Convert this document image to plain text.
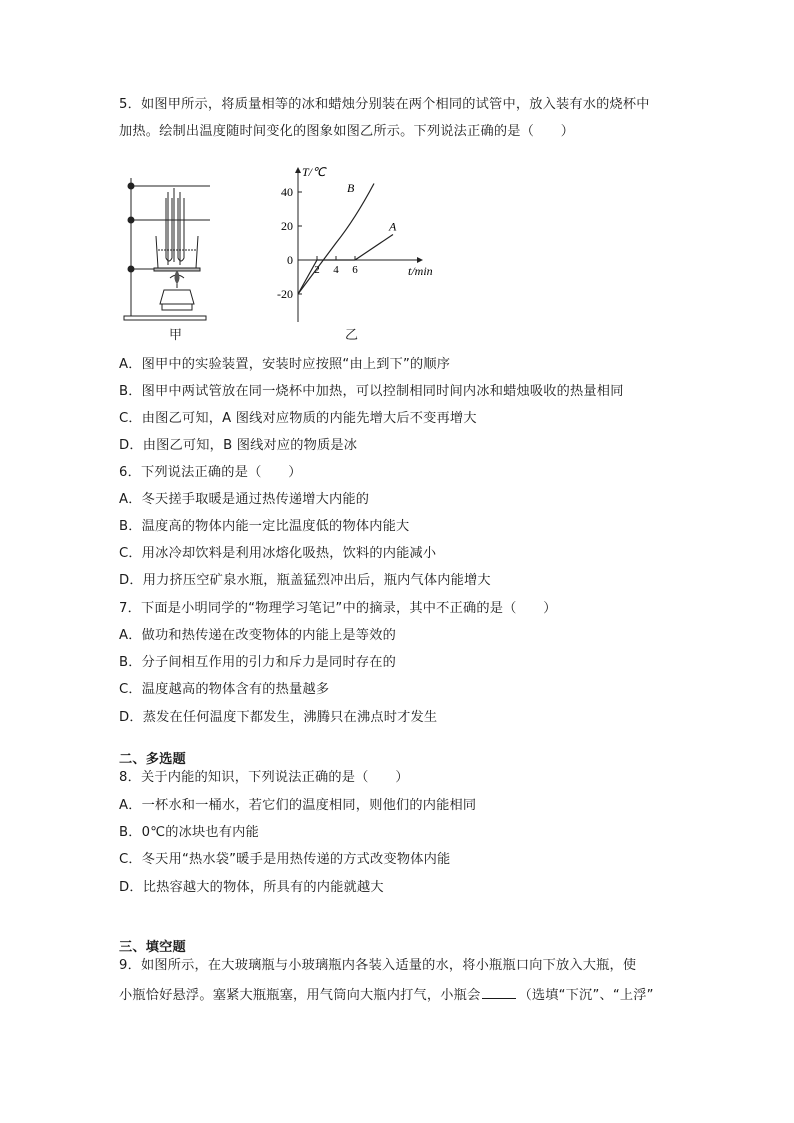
5．如图甲所示，将质量相等的冰和蜡烛分别装在两个相同的试管中，放入装有水的烧杯中
加热。绘制出温度随时间变化的图象如图乙所示。下列说法正确的是（　　）
甲
T/℃
t/min
40
20
0
-20
2 4 6
A
B
乙
A．图甲中的实验装置，安装时应按照“由上到下”的顺序
B．图甲中两试管放在同一烧杯中加热，可以控制相同时间内冰和蜡烛吸收的热量相同
C．由图乙可知，A 图线对应物质的内能先增大后不变再增大
D．由图乙可知，B 图线对应的物质是冰
6．下列说法正确的是（　　）
A．冬天搓手取暖是通过热传递增大内能的
B．温度高的物体内能一定比温度低的物体内能大
C．用冰冷却饮料是利用冰熔化吸热，饮料的内能减小
D．用力挤压空矿泉水瓶，瓶盖猛烈冲出后，瓶内气体内能增大
7．下面是小明同学的“物理学习笔记”中的摘录，其中不正确的是（　　）
A．做功和热传递在改变物体的内能上是等效的
B．分子间相互作用的引力和斥力是同时存在的
C．温度越高的物体含有的热量越多
D．蒸发在任何温度下都发生，沸腾只在沸点时才发生
二、多选题
8．关于内能的知识，下列说法正确的是（　　）
A．一杯水和一桶水，若它们的温度相同，则他们的内能相同
B．0℃的冰块也有内能
C．冬天用“热水袋”暖手是用热传递的方式改变物体内能
D．比热容越大的物体，所具有的内能就越大
三、填空题
9．如图所示，在大玻璃瓶与小玻璃瓶内各装入适量的水，将小瓶瓶口向下放入大瓶，使
小瓶恰好悬浮。塞紧大瓶瓶塞，用气筒向大瓶内打气，小瓶会	（选填“下沉”、“上浮”
